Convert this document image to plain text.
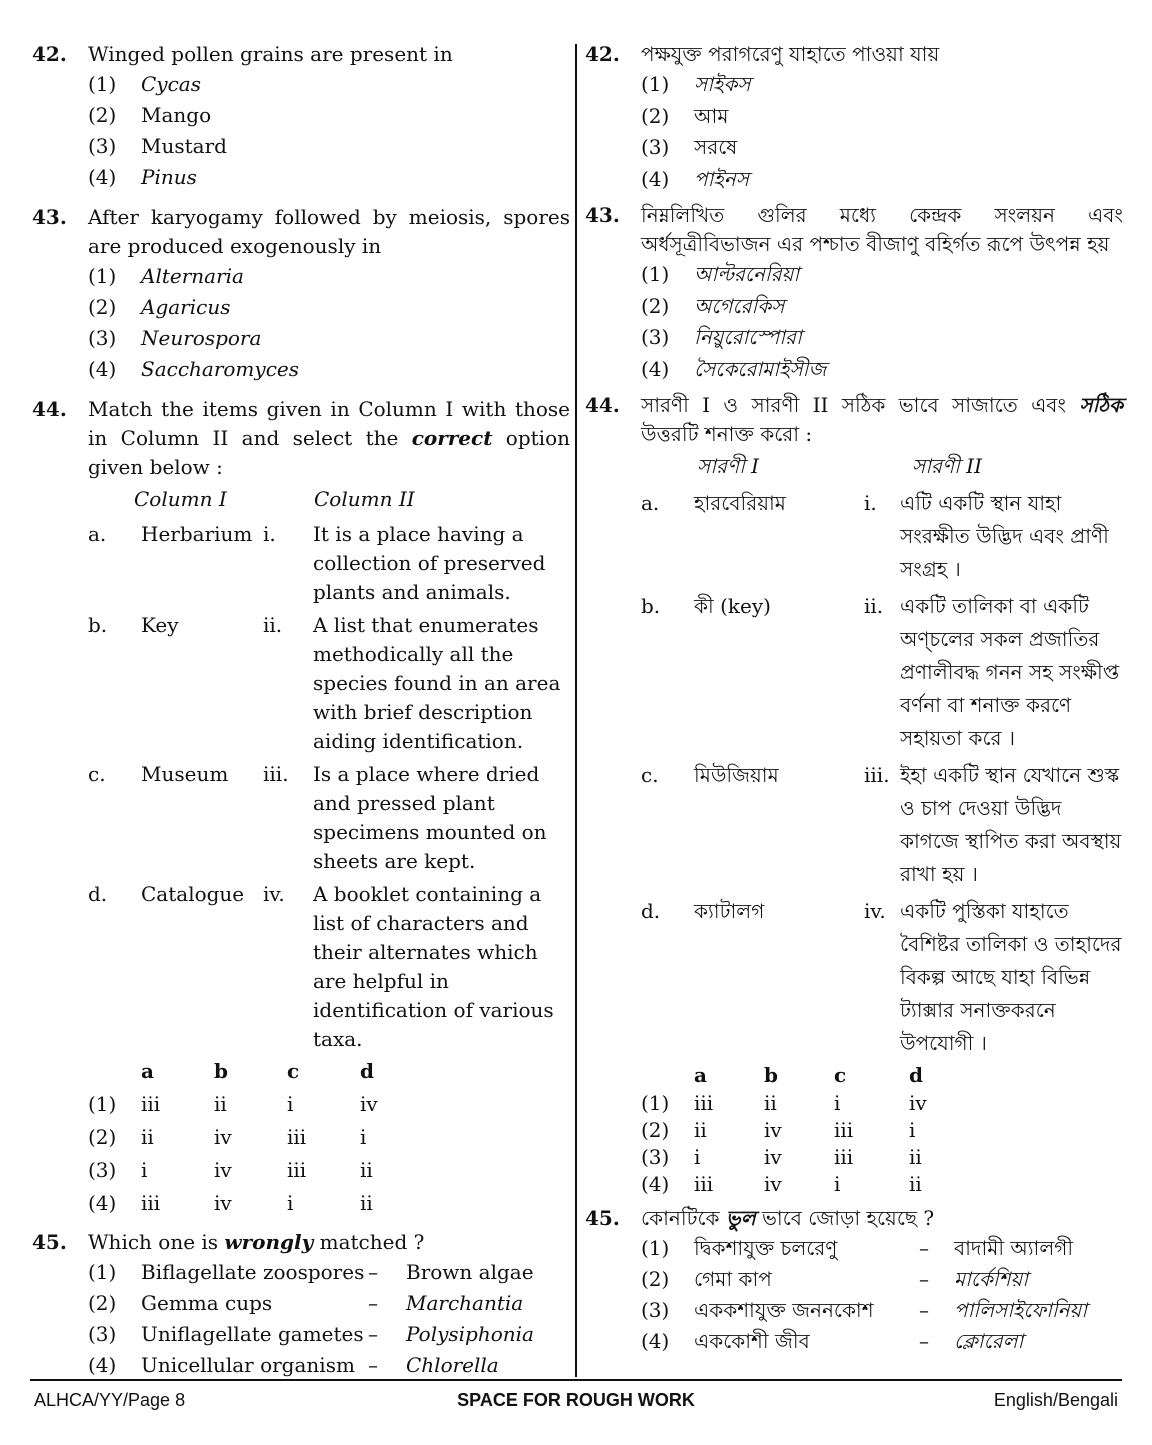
42. Winged pollen grains are present in
(1)	Cycas
(2)	Mango
(3)	Mustard
(4)	Pinus
43. After karyogamy followed by meiosis, spores are produced exogenously in
(1)	Alternaria
(2)	Agaricus
(3)	Neurospora
(4)	Saccharomyces
44. Match the items given in Column I with those in Column II and select the correct option given below :
Column I	Column II
a.	Herbarium i.	It is a place having a collection of preserved plants and animals.
b.	Key	ii.	A list that enumerates methodically all the species found in an area with brief description aiding identification.
c.	Museum	iii.	Is a place where dried and pressed plant specimens mounted on sheets are kept.
d.	Catalogue iv.	A booklet containing a list of characters and their alternates which are helpful in identification of various taxa.
a	b	c	d
(1)	iii	ii	i	iv
(2)	ii	iv	iii	i
(3)	i	iv	iii	ii
(4)	iii	iv	i	ii
45. Which one is wrongly matched ?
(1)	Biflagellate zoospores –	Brown algae
(2)	Gemma cups	–	Marchantia
(3)	Uniflagellate gametes –	Polysiphonia
(4)	Unicellular organism –	Chlorella
42. পক্ষযুক্ত পরাগরেণু যাহাতে পাওয়া যায়
(1)	সাইকস
(2)	আম
(3)	সরষে
(4)	পাইনস
43. নিম্নলিখিত গুলির মধ্যে কেন্দ্রক সংলয়ন এবং অর্ধসূত্রীবিভাজন এর পশ্চাত বীজাণু বহির্গত রূপে উৎপন্ন হয়
(1)	আল্টরনেরিয়া
(2)	অগেরেকিস
(3)	নিয়ুরোস্পোরা
(4)	সৈকেরোমাইসীজ
44. সারণী I ও সারণী II সঠিক ভাবে সাজাতে এবং সঠিক উত্তরটি শনাক্ত করো :
সারণী I	সারণী II
a.	হারবেরিয়াম	i.	এটি একটি স্থান যাহা সংরক্ষীত উদ্ভিদ এবং প্রাণী সংগ্রহ ।
b.	কী (key)	ii. একটি তালিকা বা একটি অণ্চলের সকল প্রজাতির প্রণালীবদ্ধ গনন সহ সংক্ষীপ্ত বর্ণনা বা শনাক্ত করণে সহায়তা করে ।
c.	মিউজিয়াম	iii. ইহা একটি স্থান যেখানে শুস্ক ও চাপ দেওয়া উদ্ভিদ কাগজে স্থাপিত করা অবস্থায় রাখা হয় ।
d.	ক্যাটালগ	iv. একটি পুস্তিকা যাহাতে বৈশিষ্টর তালিকা ও তাহাদের বিকল্প আছে যাহা বিভিন্ন ট্যাক্সার সনাক্তকরনে উপযোগী ।
a	b	c	d
(1)	iii	ii	i	iv
(2)	ii	iv	iii	i
(3)	i	iv	iii	ii
(4)	iii	iv	i	ii
45. কোনটিকে ভুল ভাবে জোড়া হয়েছে ?
(1)	দ্বিকশাযুক্ত চলরেণু	–	বাদামী অ্যালগী
(2)	গেমা কাপ	–	মার্কেশিয়া
(3)	এককশাযুক্ত জননকোশ	–	পালিসাইফোনিয়া
(4)	এককোশী জীব	–	ক্লোরেলা
ALHCA/YY/Page 8	SPACE FOR ROUGH WORK	English/Bengali
